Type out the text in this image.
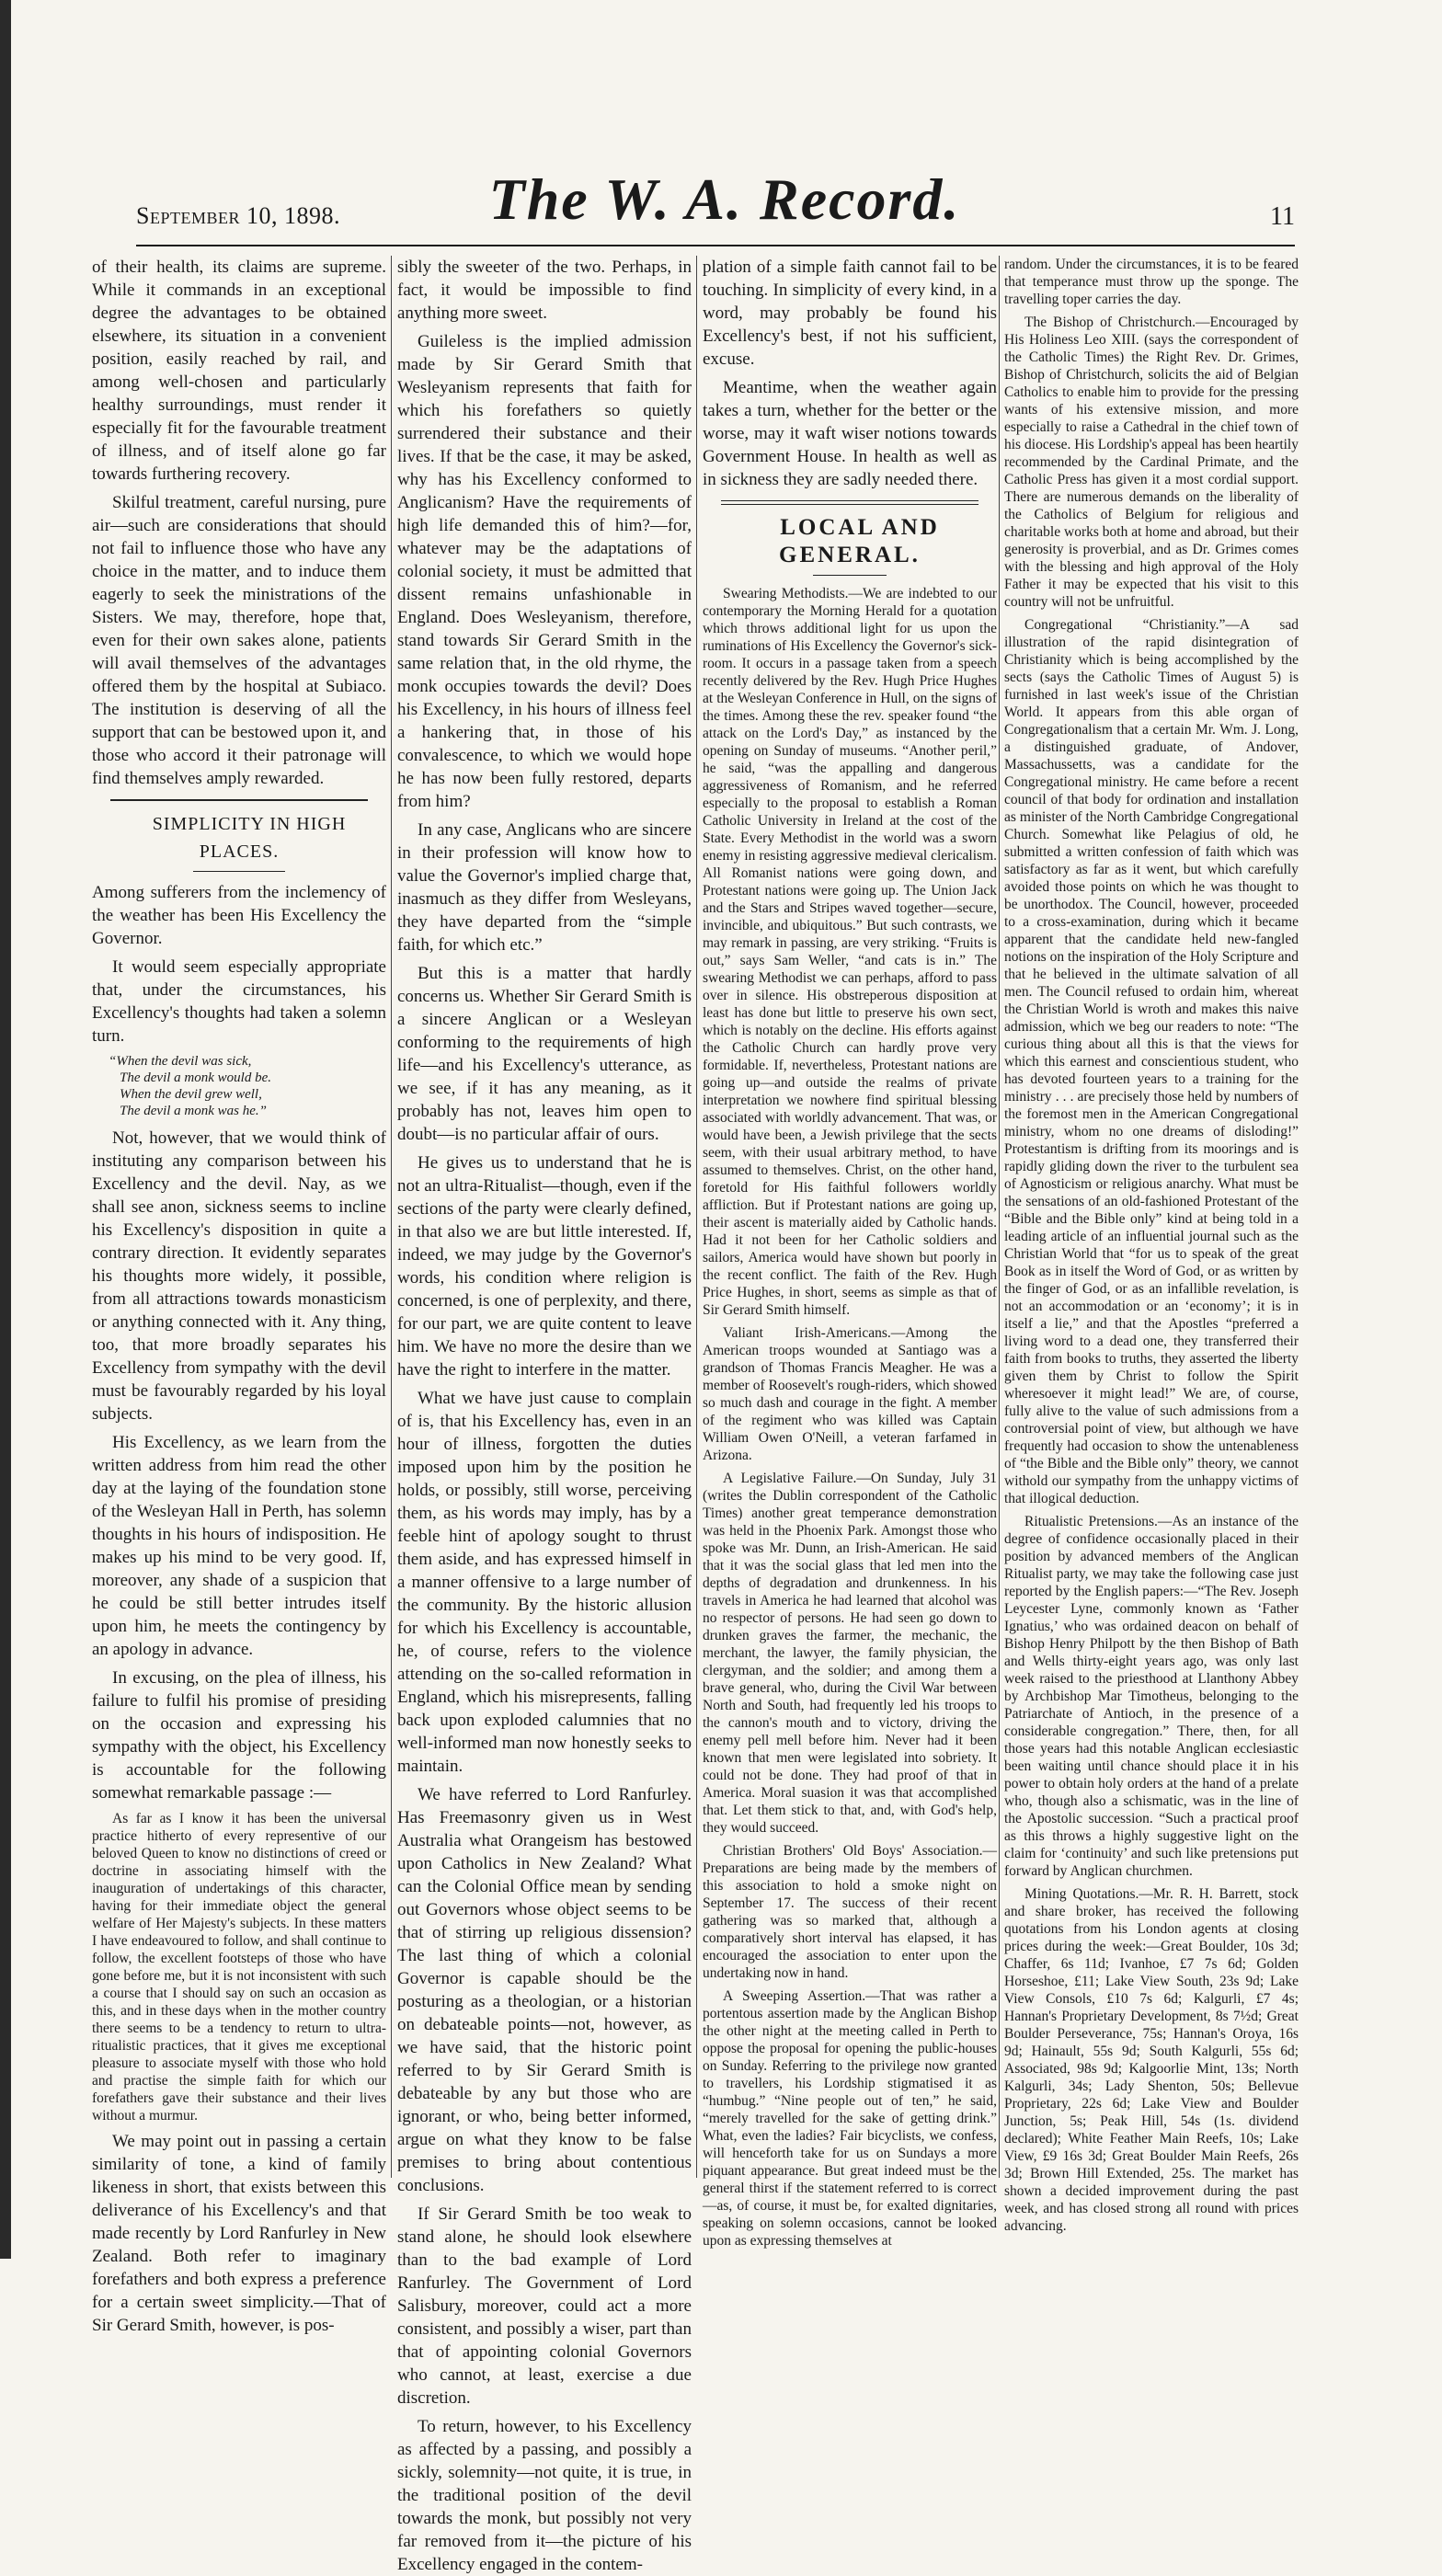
September 10, 1898.	The W. A. Record.	11

of their health, its claims are supreme. While it commands in an exceptional degree the advantages to be obtained elsewhere, its situation in a convenient position, easily reached by rail, and among well-chosen and particularly healthy surroundings, must render it especially fit for the favourable treatment of illness, and of itself alone go far towards furthering recovery.

Skilful treatment, careful nursing, pure air—such are considerations that should not fail to influence those who have any choice in the matter, and to induce them eagerly to seek the ministrations of the Sisters. We may, therefore, hope that, even for their own sakes alone, patients will avail themselves of the advantages offered them by the hospital at Subiaco. The institution is deserving of all the support that can be bestowed upon it, and those who accord it their patronage will find themselves amply rewarded.

SIMPLICITY IN HIGH PLACES.

Among sufferers from the inclemency of the weather has been His Excellency the Governor.

It would seem especially appropriate that, under the circumstances, his Excellency's thoughts had taken a solemn turn.

“When the devil was sick,
The devil a monk would be.
When the devil grew well,
The devil a monk was he.”

Not, however, that we would think of instituting any comparison between his Excellency and the devil. Nay, as we shall see anon, sickness seems to incline his Excellency's disposition in quite a contrary direction. It evidently separates his thoughts more widely, it possible, from all attractions towards monasticism or anything connected with it. Any thing, too, that more broadly separates his Excellency from sympathy with the devil must be favourably regarded by his loyal subjects.

His Excellency, as we learn from the written address from him read the other day at the laying of the foundation stone of the Wesleyan Hall in Perth, has solemn thoughts in his hours of indisposition. He makes up his mind to be very good. If, moreover, any shade of a suspicion that he could be still better intrudes itself upon him, he meets the contingency by an apology in advance.

In excusing, on the plea of illness, his failure to fulfil his promise of presiding on the occasion and expressing his sympathy with the object, his Excellency is accountable for the following somewhat remarkable passage :—

As far as I know it has been the universal practice hitherto of every representive of our beloved Queen to know no distinctions of creed or doctrine in associating himself with the inauguration of undertakings of this character, having for their immediate object the general welfare of Her Majesty's subjects. In these matters I have endeavoured to follow, and shall continue to follow, the excellent footsteps of those who have gone before me, but it is not inconsistent with such a course that I should say on such an occasion as this, and in these days when in the mother country there seems to be a tendency to return to ultra-ritualistic practices, that it gives me exceptional pleasure to associate myself with those who hold and practise the simple faith for which our forefathers gave their substance and their lives without a murmur.

We may point out in passing a certain similarity of tone, a kind of family likeness in short, that exists between this deliverance of his Excellency's and that made recently by Lord Ranfurley in New Zealand. Both refer to imaginary forefathers and both express a preference for a certain sweet simplicity.—That of Sir Gerard Smith, however, is pos-

sibly the sweeter of the two. Perhaps, in fact, it would be impossible to find anything more sweet.

Guileless is the implied admission made by Sir Gerard Smith that Wesleyanism represents that faith for which his forefathers so quietly surrendered their substance and their lives. If that be the case, it may be asked, why has his Excellency conformed to Anglicanism? Have the requirements of high life demanded this of him?—for, whatever may be the adaptations of colonial society, it must be admitted that dissent remains unfashionable in England. Does Wesleyanism, therefore, stand towards Sir Gerard Smith in the same relation that, in the old rhyme, the monk occupies towards the devil? Does his Excellency, in his hours of illness feel a hankering that, in those of his convalescence, to which we would hope he has now been fully restored, departs from him?

In any case, Anglicans who are sincere in their profession will know how to value the Governor's implied charge that, inasmuch as they differ from Wesleyans, they have departed from the “simple faith, for which etc.”

But this is a matter that hardly concerns us. Whether Sir Gerard Smith is a sincere Anglican or a Wesleyan conforming to the requirements of high life—and his Excellency's utterance, as we see, if it has any meaning, as it probably has not, leaves him open to doubt—is no particular affair of ours.

He gives us to understand that he is not an ultra-Ritualist—though, even if the sections of the party were clearly defined, in that also we are but little interested. If, indeed, we may judge by the Governor's words, his condition where religion is concerned, is one of perplexity, and there, for our part, we are quite content to leave him. We have no more the desire than we have the right to interfere in the matter.

What we have just cause to complain of is, that his Excellency has, even in an hour of illness, forgotten the duties imposed upon him by the position he holds, or possibly, still worse, perceiving them, as his words may imply, has by a feeble hint of apology sought to thrust them aside, and has expressed himself in a manner offensive to a large number of the community. By the historic allusion for which his Excellency is accountable, he, of course, refers to the violence attending on the so-called reformation in England, which his misrepresents, falling back upon exploded calumnies that no well-informed man now honestly seeks to maintain.

We have referred to Lord Ranfurley. Has Freemasonry given us in West Australia what Orangeism has bestowed upon Catholics in New Zealand? What can the Colonial Office mean by sending out Governors whose object seems to be that of stirring up religious dissension? The last thing of which a colonial Governor is capable should be the posturing as a theologian, or a historian on debateable points—not, however, as we have said, that the historic point referred to by Sir Gerard Smith is debateable by any but those who are ignorant, or who, being better informed, argue on what they know to be false premises to bring about contentious conclusions.

If Sir Gerard Smith be too weak to stand alone, he should look elsewhere than to the bad example of Lord Ranfurley. The Government of Lord Salisbury, moreover, could act a more consistent, and possibly a wiser, part than that of appointing colonial Governors who cannot, at least, exercise a due discretion.

To return, however, to his Excellency as affected by a passing, and possibly a sickly, solemnity—not quite, it is true, in the traditional position of the devil towards the monk, but possibly not very far removed from it—the picture of his Excellency engaged in the contem-

plation of a simple faith cannot fail to be touching. In simplicity of every kind, in a word, may probably be found his Excellency's best, if not his sufficient, excuse.

Meantime, when the weather again takes a turn, whether for the better or the worse, may it waft wiser notions towards Government House. In health as well as in sickness they are sadly needed there.

LOCAL AND GENERAL.

Swearing Methodists.—We are indebted to our contemporary the Morning Herald for a quotation which throws additional light for us upon the ruminations of His Excellency the Governor's sick-room. It occurs in a passage taken from a speech recently delivered by the Rev. Hugh Price Hughes at the Wesleyan Conference in Hull, on the signs of the times. Among these the rev. speaker found “the attack on the Lord's Day,” as instanced by the opening on Sunday of museums. “Another peril,” he said, “was the appalling and dangerous aggressiveness of Romanism, and he referred especially to the proposal to establish a Roman Catholic University in Ireland at the cost of the State. Every Methodist in the world was a sworn enemy in resisting aggressive medieval clericalism. All Romanist nations were going down, and Protestant nations were going up. The Union Jack and the Stars and Stripes waved together—secure, invincible, and ubiquitous.” But such contrasts, we may remark in passing, are very striking. “Fruits is out,” says Sam Weller, “and cats is in.” The swearing Methodist we can perhaps, afford to pass over in silence. His obstreperous disposition at least has done but little to preserve his own sect, which is notably on the decline. His efforts against the Catholic Church can hardly prove very formidable. If, nevertheless, Protestant nations are going up—and outside the realms of private interpretation we nowhere find spiritual blessing associated with worldly advancement. That was, or would have been, a Jewish privilege that the sects seem, with their usual arbitrary method, to have assumed to themselves. Christ, on the other hand, foretold for His faithful followers worldly affliction. But if Protestant nations are going up, their ascent is materially aided by Catholic hands. Had it not been for her Catholic soldiers and sailors, America would have shown but poorly in the recent conflict. The faith of the Rev. Hugh Price Hughes, in short, seems as simple as that of Sir Gerard Smith himself.

Valiant Irish-Americans.—Among the American troops wounded at Santiago was a grandson of Thomas Francis Meagher. He was a member of Roosevelt's rough-riders, which showed so much dash and courage in the fight. A member of the regiment who was killed was Captain William Owen O'Neill, a veteran farfamed in Arizona.

A Legislative Failure.—On Sunday, July 31 (writes the Dublin correspondent of the Catholic Times) another great temperance demonstration was held in the Phoenix Park. Amongst those who spoke was Mr. Dunn, an Irish-American. He said that it was the social glass that led men into the depths of degradation and drunkenness. In his travels in America he had learned that alcohol was no respector of persons. He had seen go down to drunken graves the farmer, the mechanic, the merchant, the lawyer, the family physician, the clergyman, and the soldier; and among them a brave general, who, during the Civil War between North and South, had frequently led his troops to the cannon's mouth and to victory, driving the enemy pell mell before him. Never had it been known that men were legislated into sobriety. It could not be done. They had proof of that in America. Moral suasion it was that accomplished that. Let them stick to that, and, with God's help, they would succeed.

Christian Brothers' Old Boys' Association.—Preparations are being made by the members of this association to hold a smoke night on September 17. The success of their recent gathering was so marked that, although a comparatively short interval has elapsed, it has encouraged the association to enter upon the undertaking now in hand.

A Sweeping Assertion.—That was rather a portentous assertion made by the Anglican Bishop the other night at the meeting called in Perth to oppose the proposal for opening the public-houses on Sunday. Referring to the privilege now granted to travellers, his Lordship stigmatised it as “humbug.” “Nine people out of ten,” he said, “merely travelled for the sake of getting drink.” What, even the ladies? Fair bicyclists, we confess, will henceforth take for us on Sundays a more piquant appearance. But great indeed must be the general thirst if the statement referred to is correct—as, of course, it must be, for exalted dignitaries, speaking on solemn occasions, cannot be looked upon as expressing themselves at

random. Under the circumstances, it is to be feared that temperance must throw up the sponge. The travelling toper carries the day.

The Bishop of Christchurch.—Encouraged by His Holiness Leo XIII. (says the correspondent of the Catholic Times) the Right Rev. Dr. Grimes, Bishop of Christchurch, solicits the aid of Belgian Catholics to enable him to provide for the pressing wants of his extensive mission, and more especially to raise a Cathedral in the chief town of his diocese. His Lordship's appeal has been heartily recommended by the Cardinal Primate, and the Catholic Press has given it a most cordial support. There are numerous demands on the liberality of the Catholics of Belgium for religious and charitable works both at home and abroad, but their generosity is proverbial, and as Dr. Grimes comes with the blessing and high approval of the Holy Father it may be expected that his visit to this country will not be unfruitful.

Congregational “Christianity.”—A sad illustration of the rapid disintegration of Christianity which is being accomplished by the sects (says the Catholic Times of August 5) is furnished in last week's issue of the Christian World. It appears from this able organ of Congregationalism that a certain Mr. Wm. J. Long, a distinguished graduate, of Andover, Massachussetts, was a candidate for the Congregational ministry. He came before a recent council of that body for ordination and installation as minister of the North Cambridge Congregational Church. Somewhat like Pelagius of old, he submitted a written confession of faith which was satisfactory as far as it went, but which carefully avoided those points on which he was thought to be unorthodox. The Council, however, proceeded to a cross-examination, during which it became apparent that the candidate held new-fangled notions on the inspiration of the Holy Scripture and that he believed in the ultimate salvation of all men. The Council refused to ordain him, whereat the Christian World is wroth and makes this naive admission, which we beg our readers to note: “The curious thing about all this is that the views for which this earnest and conscientious student, who has devoted fourteen years to a training for the ministry . . . are precisely those held by numbers of the foremost men in the American Congregational ministry, whom no one dreams of disloding!” Protestantism is drifting from its moorings and is rapidly gliding down the river to the turbulent sea of Agnosticism or religious anarchy. What must be the sensations of an old-fashioned Protestant of the “Bible and the Bible only” kind at being told in a leading article of an influential journal such as the Christian World that “for us to speak of the great Book as in itself the Word of God, or as written by the finger of God, or as an infallible revelation, is not an accommodation or an ‘economy’; it is in itself a lie,” and that the Apostles “preferred a living word to a dead one, they transferred their faith from books to truths, they asserted the liberty given them by Christ to follow the Spirit wheresoever it might lead!” We are, of course, fully alive to the value of such admissions from a controversial point of view, but although we have frequently had occasion to show the untenableness of “the Bible and the Bible only” theory, we cannot withold our sympathy from the unhappy victims of that illogical deduction.

Ritualistic Pretensions.—As an instance of the degree of confidence occasionally placed in their position by advanced members of the Anglican Ritualist party, we may take the following case just reported by the English papers:—“The Rev. Joseph Leycester Lyne, commonly known as ‘Father Ignatius,’ who was ordained deacon on behalf of Bishop Henry Philpott by the then Bishop of Bath and Wells thirty-eight years ago, was only last week raised to the priesthood at Llanthony Abbey by Archbishop Mar Timotheus, belonging to the Patriarchate of Antioch, in the presence of a considerable congregation.” There, then, for all those years had this notable Anglican ecclesiastic been waiting until chance should place it in his power to obtain holy orders at the hand of a prelate who, though also a schismatic, was in the line of the Apostolic succession. “Such a practical proof as this throws a highly suggestive light on the claim for ‘continuity’ and such like pretensions put forward by Anglican churchmen.

Mining Quotations.—Mr. R. H. Barrett, stock and share broker, has received the following quotations from his London agents at closing prices during the week:—Great Boulder, 10s 3d; Chaffer, 6s 11d; Ivanhoe, £7 7s 6d; Golden Horseshoe, £11; Lake View South, 23s 9d; Lake View Consols, £10 7s 6d; Kalgurli, £7 4s; Hannan's Proprietary Development, 8s 7½d; Great Boulder Perseverance, 75s; Hannan's Oroya, 16s 9d; Hainault, 55s 9d; South Kalgurli, 55s 6d; Associated, 98s 9d; Kalgoorlie Mint, 13s; North Kalgurli, 34s; Lady Shenton, 50s; Bellevue Proprietary, 22s 6d; Lake View and Boulder Junction, 5s; Peak Hill, 54s (1s. dividend declared); White Feather Main Reefs, 10s; Lake View, £9 16s 3d; Great Boulder Main Reefs, 26s 3d; Brown Hill Extended, 25s. The market has shown a decided improvement during the past week, and has closed strong all round with prices advancing.
